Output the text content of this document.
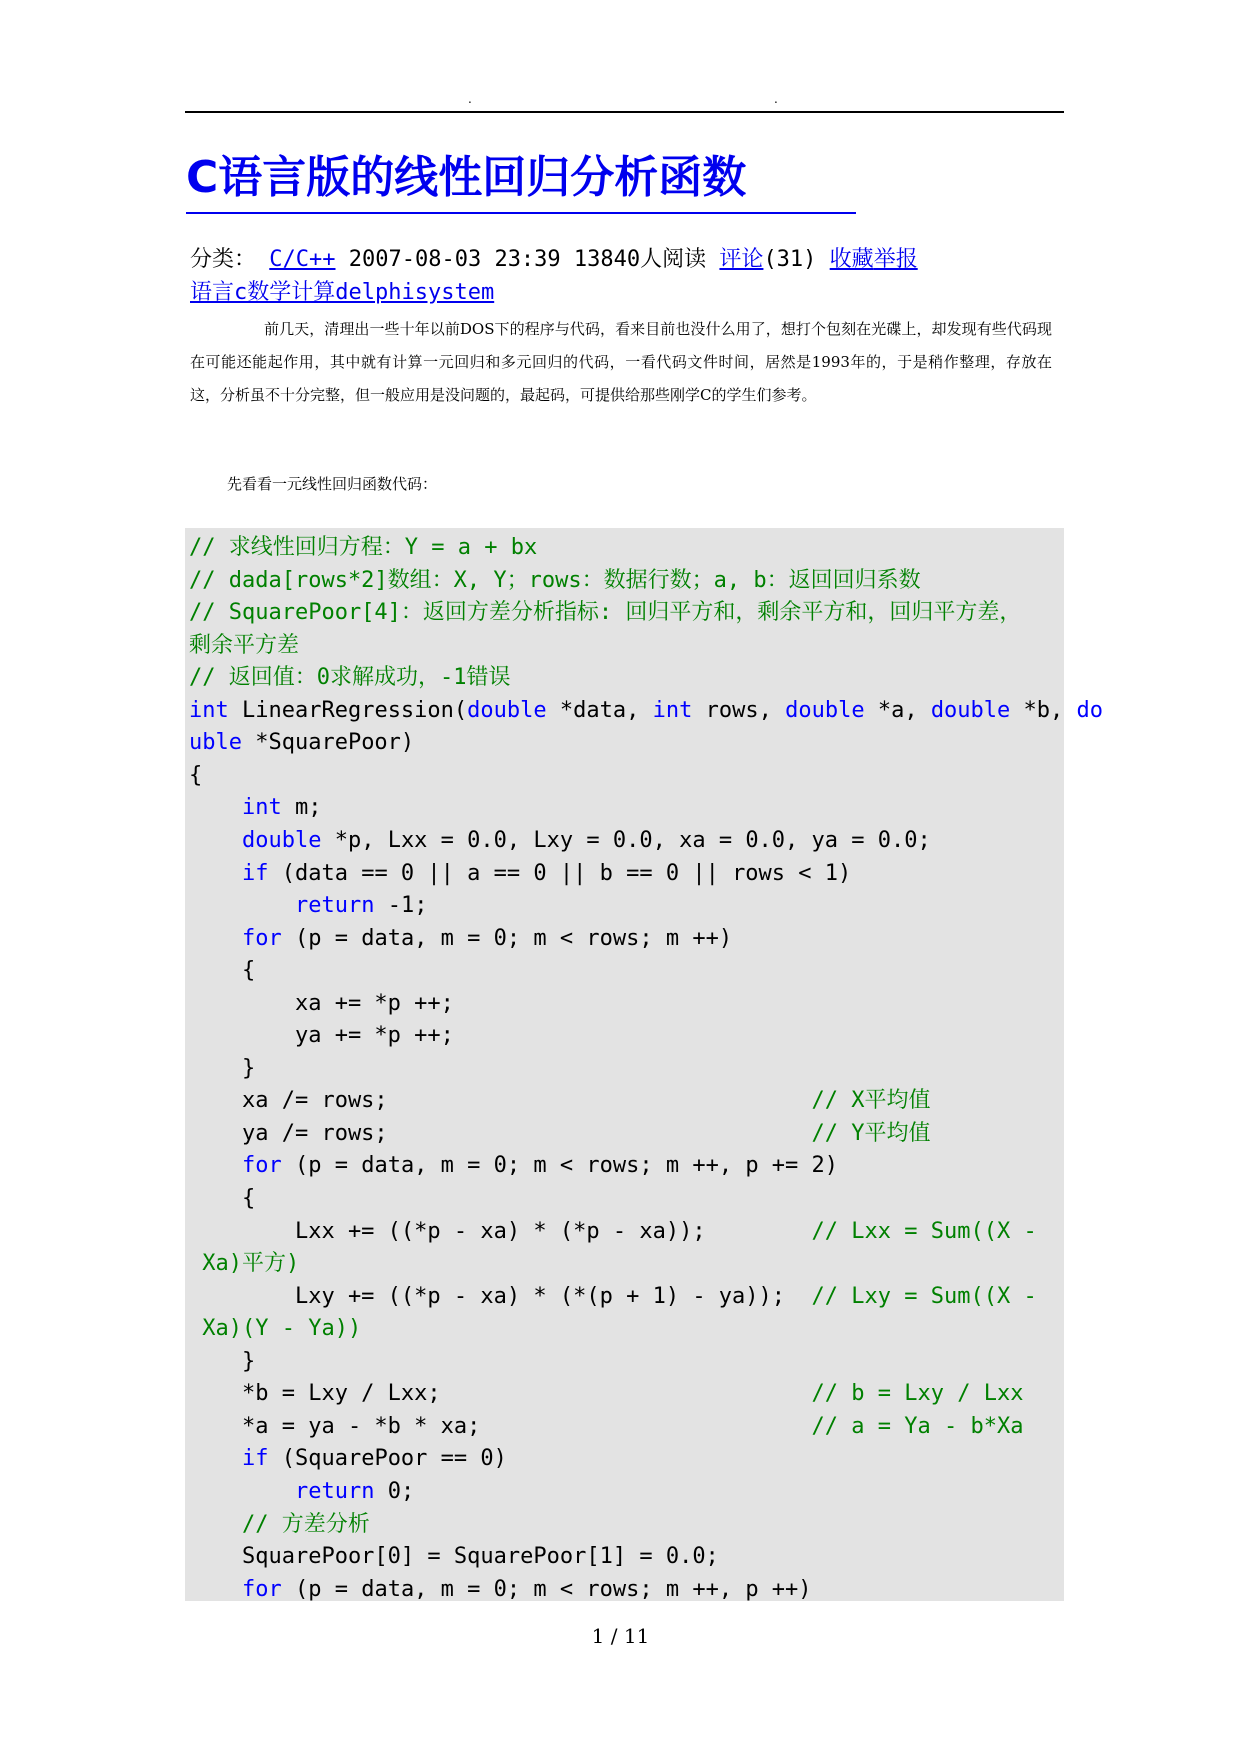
.	.
C语言版的线性回归分析函数
分类： C/C++ 2007-08-03 23:39 13840人阅读 评论(31) 收藏举报
语言c数学计算delphisystem

前几天，清理出一些十年以前DOS下的程序与代码，看来目前也没什么用了，想打个包刻在光碟上，却发现有些代码现在可能还能起作用，其中就有计算一元回归和多元回归的代码，一看代码文件时间，居然是1993年的，于是稍作整理，存放在这，分析虽不十分完整，但一般应用是没问题的，最起码，可提供给那些刚学C的学生们参考。

先看看一元线性回归函数代码：

// 求线性回归方程：Y = a + bx
// dada[rows*2]数组：X, Y；rows：数据行数；a, b：返回回归系数
// SquarePoor[4]：返回方差分析指标: 回归平方和，剩余平方和，回归平方差，
剩余平方差
// 返回值：0求解成功，-1错误
int LinearRegression(double *data, int rows, double *a, double *b, do
uble *SquarePoor)
{
int m;
double *p, Lxx = 0.0, Lxy = 0.0, xa = 0.0, ya = 0.0;
if (data == 0 || a == 0 || b == 0 || rows < 1)
return -1;
for (p = data, m = 0; m < rows; m ++)
{
xa += *p ++;
ya += *p ++;
}
xa /= rows;                                // X平均值
ya /= rows;                                // Y平均值
for (p = data, m = 0; m < rows; m ++, p += 2)
{
Lxx += ((*p - xa) * (*p - xa));        // Lxx = Sum((X -
Xa)平方)
Lxy += ((*p - xa) * (*(p + 1) - ya));  // Lxy = Sum((X -
Xa)(Y - Ya))
}
*b = Lxy / Lxx;                            // b = Lxy / Lxx
*a = ya - *b * xa;                         // a = Ya - b*Xa
if (SquarePoor == 0)
return 0;
// 方差分析
SquarePoor[0] = SquarePoor[1] = 0.0;
for (p = data, m = 0; m < rows; m ++, p ++)
1 / 11
